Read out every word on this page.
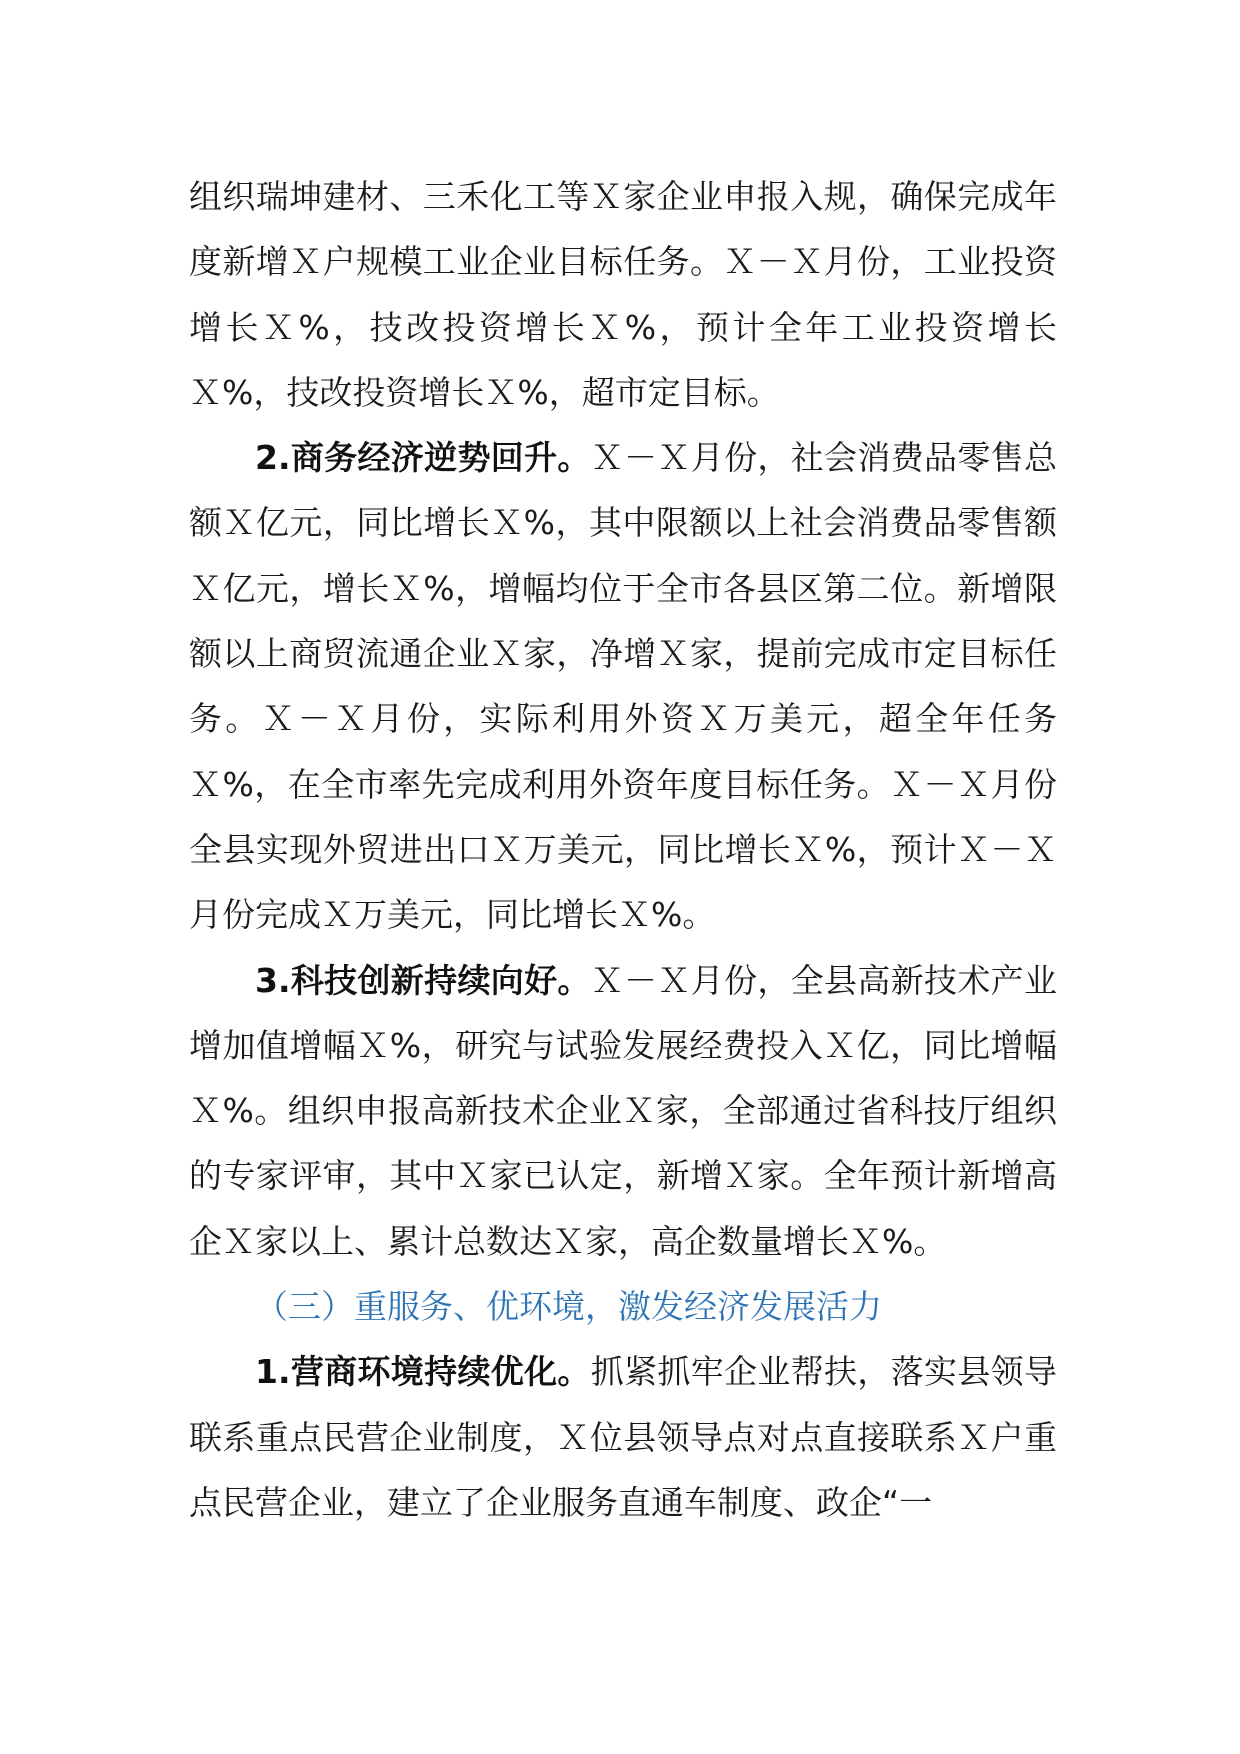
组织瑞坤建材、三禾化工等Ｘ家企业申报入规，确保完成年度新增Ｘ户规模工业企业目标任务。Ｘ－Ｘ月份，工业投资增长Ｘ%，技改投资增长Ｘ%，预计全年工业投资增长Ｘ%，技改投资增长Ｘ%，超市定目标。

2.商务经济逆势回升。Ｘ－Ｘ月份，社会消费品零售总额Ｘ亿元，同比增长Ｘ%，其中限额以上社会消费品零售额Ｘ亿元，增长Ｘ%，增幅均位于全市各县区第二位。新增限额以上商贸流通企业Ｘ家，净增Ｘ家，提前完成市定目标任务。Ｘ－Ｘ月份，实际利用外资Ｘ万美元，超全年任务Ｘ%，在全市率先完成利用外资年度目标任务。Ｘ－Ｘ月份全县实现外贸进出口Ｘ万美元，同比增长Ｘ%，预计Ｘ－Ｘ月份完成Ｘ万美元，同比增长Ｘ%。

3.科技创新持续向好。Ｘ－Ｘ月份，全县高新技术产业增加值增幅Ｘ%，研究与试验发展经费投入Ｘ亿，同比增幅Ｘ%。组织申报高新技术企业Ｘ家，全部通过省科技厅组织的专家评审，其中Ｘ家已认定，新增Ｘ家。全年预计新增高企Ｘ家以上、累计总数达Ｘ家，高企数量增长Ｘ%。

（三）重服务、优环境，激发经济发展活力

1.营商环境持续优化。抓紧抓牢企业帮扶，落实县领导联系重点民营企业制度，Ｘ位县领导点对点直接联系Ｘ户重点民营企业，建立了企业服务直通车制度、政企“一
